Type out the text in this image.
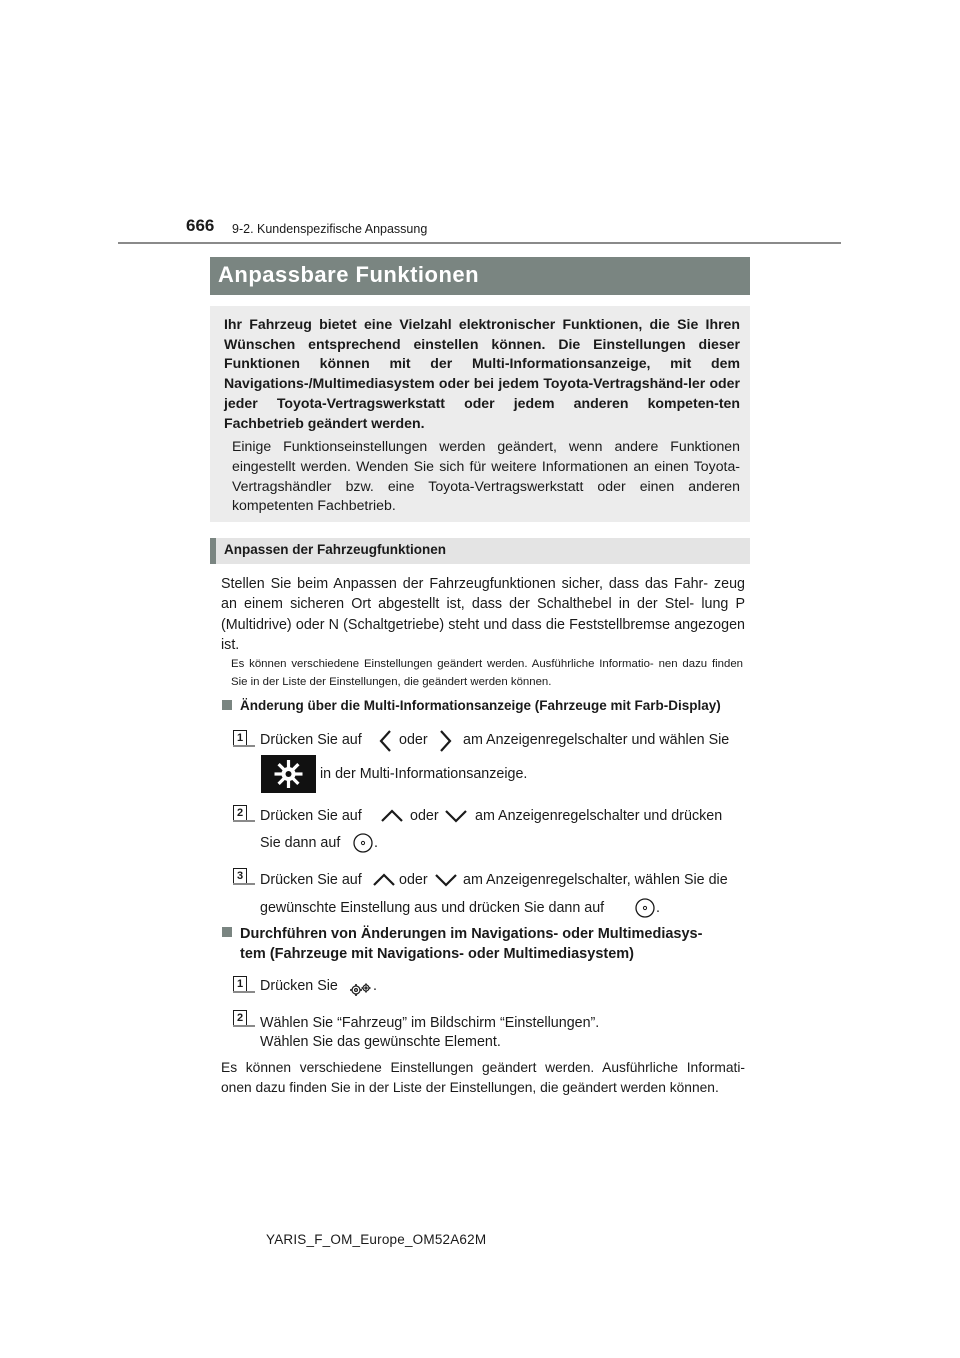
666 9-2. Kundenspezifische Anpassung
Anpassbare Funktionen
Ihr Fahrzeug bietet eine Vielzahl elektronischer Funktionen, die Sie Ihren Wünschen entsprechend einstellen können. Die Einstellungen dieser Funktionen können mit der Multi-Informationsanzeige, mit dem Navigations-/Multimediasystem oder bei jedem Toyota-Vertragshänd-ler oder jeder Toyota-Vertragswerkstatt oder jedem anderen kompeten-ten Fachbetrieb geändert werden.
Einige Funktionseinstellungen werden geändert, wenn andere Funktionen eingestellt werden. Wenden Sie sich für weitere Informationen an einen Toyota-Vertragshändler bzw. eine Toyota-Vertragswerkstatt oder einen anderen kompetenten Fachbetrieb.
Anpassen der Fahrzeugfunktionen
Stellen Sie beim Anpassen der Fahrzeugfunktionen sicher, dass das Fahr- zeug an einem sicheren Ort abgestellt ist, dass der Schalthebel in der Stel- lung P (Multidrive) oder N (Schaltgetriebe) steht und dass die Feststellbremse angezogen ist.
Es können verschiedene Einstellungen geändert werden. Ausführliche Informatio- nen dazu finden Sie in der Liste der Einstellungen, die geändert werden können.
Änderung über die Multi-Informationsanzeige (Fahrzeuge mit Farb-Display)
1 Drücken Sie auf	oder am Anzeigenregelschalter und wählen Sie
in der Multi-Informationsanzeige.
2 Drücken Sie auf	oder	am Anzeigenregelschalter und drücken
Sie dann auf .
3 Drücken Sie auf	oder am Anzeigenregelschalter, wählen Sie die
gewünschte Einstellung aus und drücken Sie dann auf	.
Durchführen von Änderungen im Navigations- oder Multimediasys-
tem (Fahrzeuge mit Navigations- oder Multimediasystem)
1 Drücken Sie .
2 Wählen Sie “Fahrzeug” im Bildschirm “Einstellungen”.
Wählen Sie das gewünschte Element.
Es können verschiedene Einstellungen geändert werden. Ausführliche Informati- onen dazu finden Sie in der Liste der Einstellungen, die geändert werden können.
YARIS_F_OM_Europe_OM52A62M
